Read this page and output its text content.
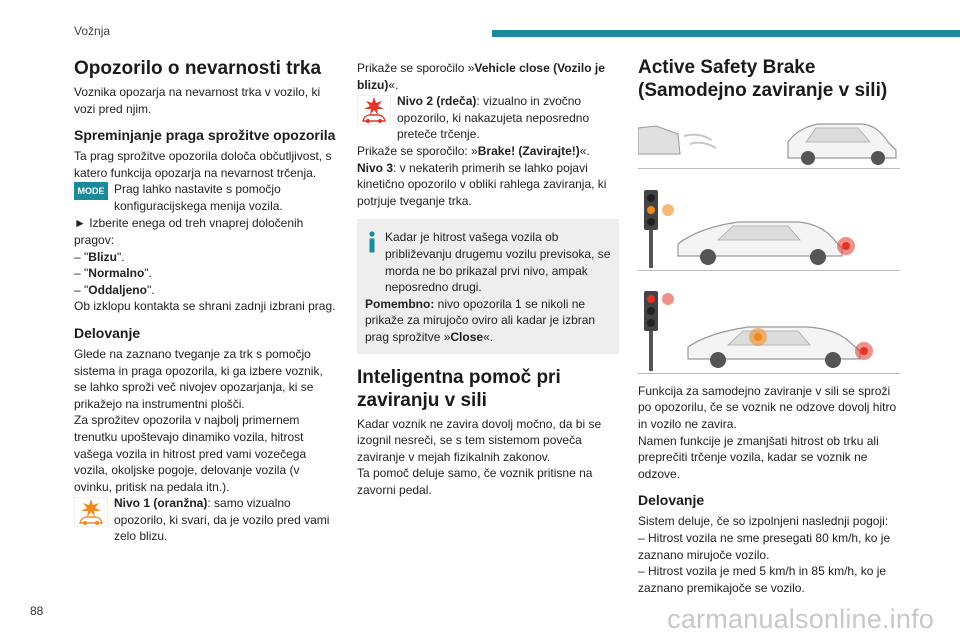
Vožnja
Opozorilo o nevarnosti trka

Voznika opozarja na nevarnost trka v vozilo, ki vozi pred njim.

Spreminjanje praga sprožitve opozorila

Ta prag sprožitve opozorila določa občutljivost, s katero funkcija opozarja na nevarnost trčenja.

MODE Prag lahko nastavite s pomočjo konfiguracijskega menija vozila.

► Izberite enega od treh vnaprej določenih pragov:

– "Blizu".

– "Normalno".

– "Oddaljeno".

Ob izklopu kontakta se shrani zadnji izbrani prag.

Delovanje

Glede na zaznano tveganje za trk s pomočjo sistema in praga opozorila, ki ga izbere voznik, se lahko sproži več nivojev opozarjanja, ki se prikažejo na instrumentni plošči.

Za sprožitev opozorila v najbolj primernem trenutku upoštevajo dinamiko vozila, hitrost vašega vozila in hitrost pred vami vozečega vozila, okoljske pogoje, delovanje vozila (v ovinku, pritisk na pedala itn.).

Nivo 1 (oranžna): samo vizualno opozorilo, ki svari, da je vozilo pred vami zelo blizu.

Prikaže se sporočilo »Vehicle close (Vozilo je blizu)«.

Nivo 2 (rdeča): vizualno in zvočno opozorilo, ki nakazujeta neposredno preteče trčenje.

Prikaže se sporočilo: »Brake! (Zavirajte!)«.

Nivo 3: v nekaterih primerih se lahko pojavi kinetično opozorilo v obliki rahlega zaviranja, ki potrjuje tveganje trka.

Kadar je hitrost vašega vozila ob približevanju drugemu vozilu previsoka, se morda ne bo prikazal prvi nivo, ampak neposredno drugi.

Pomembno: nivo opozorila 1 se nikoli ne prikaže za mirujočo oviro ali kadar je izbran prag sprožitve »Close«.

Inteligentna pomoč pri zaviranju v sili

Kadar voznik ne zavira dovolj močno, da bi se izognil nesreči, se s tem sistemom poveča zaviranje v mejah fizikalnih zakonov.

Ta pomoč deluje samo, če voznik pritisne na zavorni pedal.

Active Safety Brake (Samodejno zaviranje v sili)

Funkcija za samodejno zaviranje v sili se sproži po opozorilu, če se voznik ne odzove dovolj hitro in vozilo ne zavira.

Namen funkcije je zmanjšati hitrost ob trku ali preprečiti trčenje vozila, kadar se voznik ne odzove.

Delovanje

Sistem deluje, če so izpolnjeni naslednji pogoji:

– Hitrost vozila ne sme presegati 80 km/h, ko je zaznano mirujoče vozilo.

– Hitrost vozila je med 5 km/h in 85 km/h, ko je zaznano premikajoče se vozilo.

88	carmanualsonline.info
